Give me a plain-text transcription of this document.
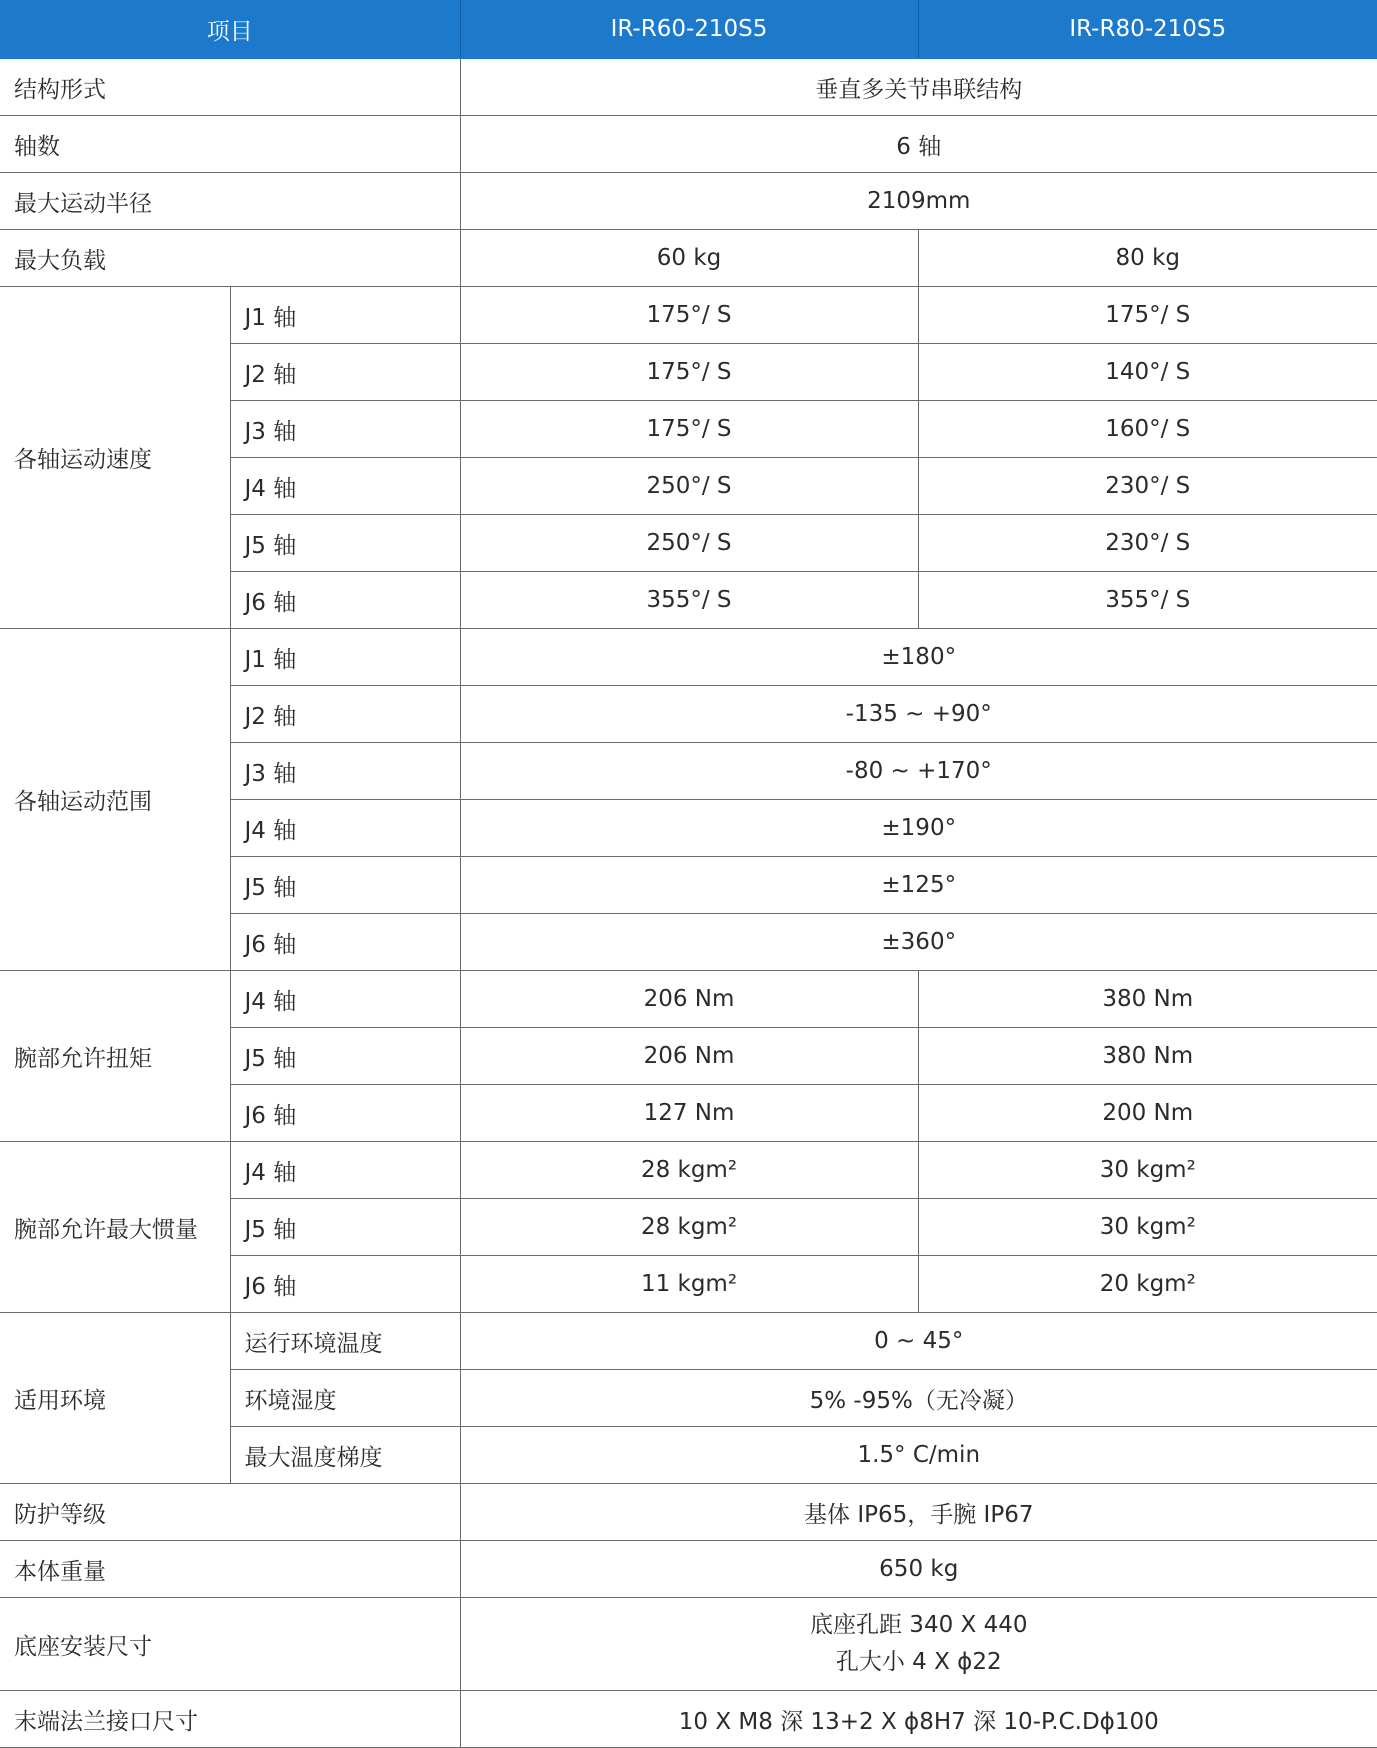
项目		IR-R60-210S5	IR-R80-210S5
结构形式		垂直多关节串联结构	
轴数		6 轴	
最大运动半径		2109mm	
最大负载		60 kg	80 kg
各轴运动速度	J1 轴	175°/ S	175°/ S
	J2 轴	175°/ S	140°/ S
	J3 轴	175°/ S	160°/ S
	J4 轴	250°/ S	230°/ S
	J5 轴	250°/ S	230°/ S
	J6 轴	355°/ S	355°/ S
各轴运动范围	J1 轴	±180°	
	J2 轴	-135 ~ +90°	
	J3 轴	-80 ~ +170°	
	J4 轴	±190°	
	J5 轴	±125°	
	J6 轴	±360°	
腕部允许扭矩	J4 轴	206 Nm	380 Nm
	J5 轴	206 Nm	380 Nm
	J6 轴	127 Nm	200 Nm
腕部允许最大惯量	J4 轴	28 kgm²	30 kgm²
	J5 轴	28 kgm²	30 kgm²
	J6 轴	11 kgm²	20 kgm²
适用环境	运行环境温度	0 ~ 45°	
	环境湿度	5% -95%（无冷凝）	
	最大温度梯度	1.5° C/min	
防护等级		基体 IP65，手腕 IP67	
本体重量		650 kg	
底座安装尺寸		底座孔距 340 X 440
孔大小 4 X ϕ22	

末端法兰接口尺寸		10 X M8 深 13+2 X ϕ8H7 深 10-P.C.Dϕ100	
